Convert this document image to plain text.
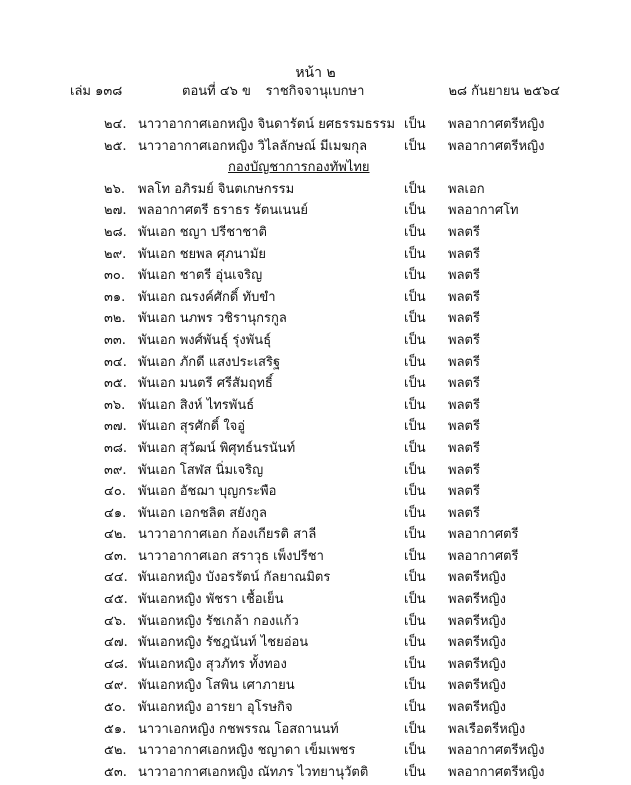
หน้า ๒
เล่ม ๑๓๘	ตอนที่ ๔๖ ข	ราชกิจจานุเบกษา	๒๘ กันยายน ๒๕๖๔
๒๔. นาวาอากาศเอกหญิง จินดารัตน์ ยศธรรมธรรม เป็น พลอากาศตรีหญิง
๒๕. นาวาอากาศเอกหญิง วิไลลักษณ์ มีเมฆกุล	เป็น พลอากาศตรีหญิง
กองบัญชาการกองทัพไทย
๒๖. พลโท อภิรมย์ จินตเกษกรรม	เป็น พลเอก
๒๗. พลอากาศตรี ธราธร รัตนเนนย์	เป็น พลอากาศโท
๒๘. พันเอก ชญา ปรีชาชาติ	เป็น พลตรี
๒๙. พันเอก ชยพล ศุภนามัย	เป็น พลตรี
๓๐. พันเอก ชาตรี อุ่นเจริญ	เป็น พลตรี
๓๑. พันเอก ณรงค์ศักดิ์ ทับขำ	เป็น พลตรี
๓๒. พันเอก นภพร วชิรานุกรกูล	เป็น พลตรี
๓๓. พันเอก พงศ์พันธุ์ รุ่งพันธุ์	เป็น พลตรี
๓๔. พันเอก ภักดี แสงประเสริฐ	เป็น พลตรี
๓๕. พันเอก มนตรี ศรีสัมฤทธิ์	เป็น พลตรี
๓๖. พันเอก สิงห์ ไทรพันธ์	เป็น พลตรี
๓๗. พันเอก สุรศักดิ์ ใจอู่	เป็น พลตรี
๓๘. พันเอก สุวัฒน์ พิศุทธ์นรนันท์	เป็น พลตรี
๓๙. พันเอก โสฬส นิ่มเจริญ	เป็น พลตรี
๔๐. พันเอก อัชฌา บุญกระพือ	เป็น พลตรี
๔๑. พันเอก เอกชลิต สยังกูล	เป็น พลตรี
๔๒. นาวาอากาศเอก ก้องเกียรติ สาลี	เป็น พลอากาศตรี
๔๓. นาวาอากาศเอก สราวุธ เพ็งปรีชา	เป็น พลอากาศตรี
๔๔. พันเอกหญิง บังอรรัตน์ กัลยาณมิตร	เป็น พลตรีหญิง
๔๕. พันเอกหญิง พัชรา เชื้อเย็น	เป็น พลตรีหญิง
๔๖. พันเอกหญิง รัชเกล้า กองแก้ว	เป็น พลตรีหญิง
๔๗. พันเอกหญิง รัชฎนันท์ ไชยอ่อน	เป็น พลตรีหญิง
๔๘. พันเอกหญิง สุวภัทร ทั้งทอง	เป็น พลตรีหญิง
๔๙. พันเอกหญิง โสพิน เศาภายน	เป็น พลตรีหญิง
๕๐. พันเอกหญิง อารยา อุโรษกิจ	เป็น พลตรีหญิง
๕๑. นาวาเอกหญิง กชพรรณ โอสถานนท์	เป็น พลเรือตรีหญิง
๕๒. นาวาอากาศเอกหญิง ชญาดา เข็มเพชร	เป็น พลอากาศตรีหญิง
๕๓. นาวาอากาศเอกหญิง ณัทภร ไวทยานุวัตติ	เป็น พลอากาศตรีหญิง
